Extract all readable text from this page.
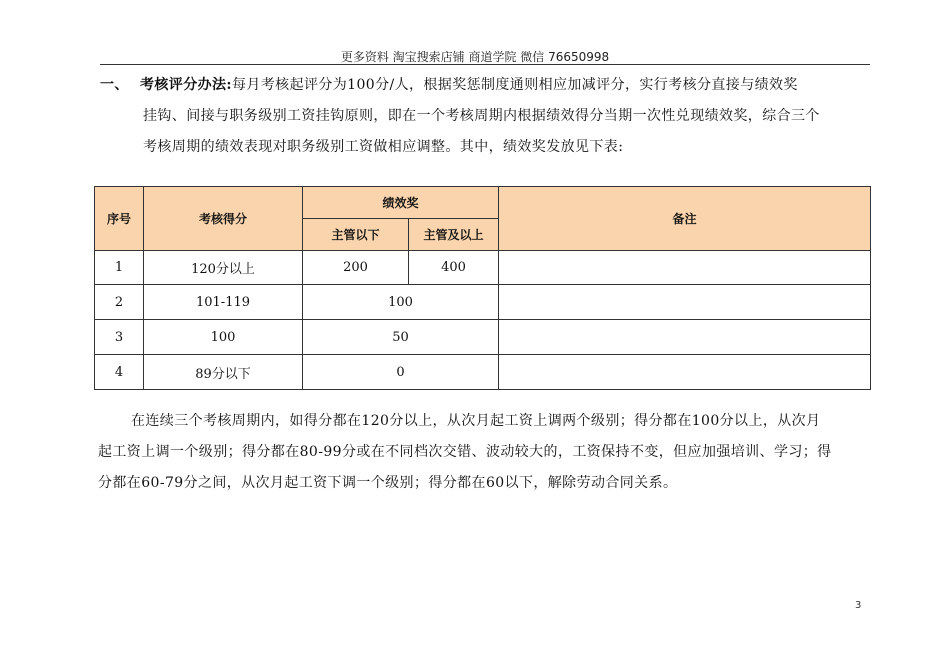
更多资料 淘宝搜索店铺 商道学院 微信 76650998
一、 考核评分办法:每月考核起评分为100分/人，根据奖惩制度通则相应加减评分，实行考核分直接与绩效奖
挂钩、间接与职务级别工资挂钩原则，即在一个考核周期内根据绩效得分当期一次性兑现绩效奖，综合三个
考核周期的绩效表现对职务级别工资做相应调整。其中，绩效奖发放见下表:
序号	考核得分	绩效奖		备注
		主管以下	主管及以上	
1	120分以上	200	400	
2	101-119	100		
3	100	50		
4	89分以下	0		
在连续三个考核周期内，如得分都在120分以上，从次月起工资上调两个级别；得分都在100分以上，从次月
起工资上调一个级别；得分都在80-99分或在不同档次交错、波动较大的，工资保持不变，但应加强培训、学习；得
分都在60-79分之间，从次月起工资下调一个级别；得分都在60以下，解除劳动合同关系。
3
